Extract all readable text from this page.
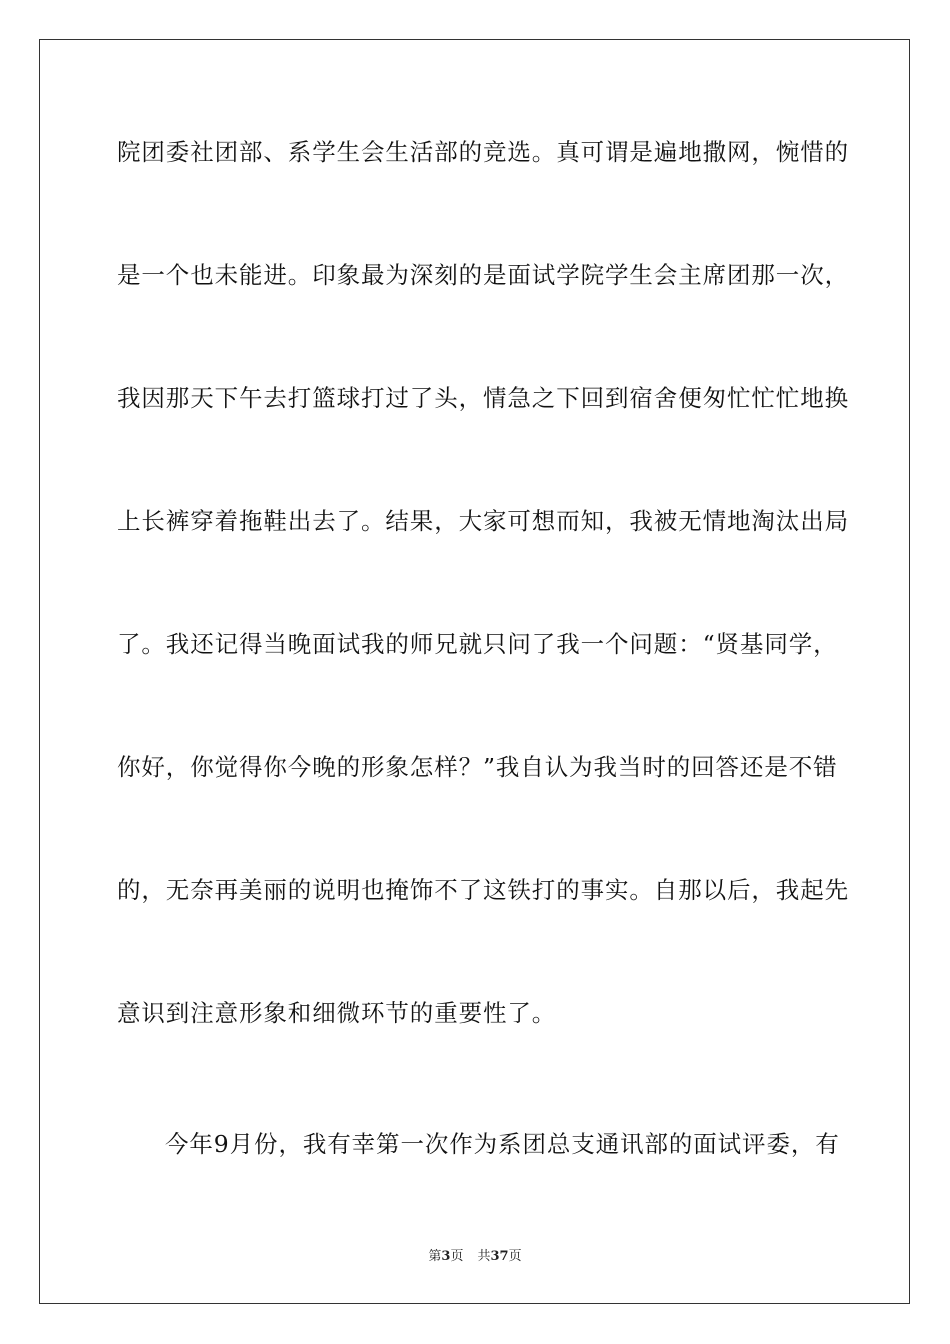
院团委社团部、系学生会生活部的竞选。真可谓是遍地撒网，惋惜的
是一个也未能进。印象最为深刻的是面试学院学生会主席团那一次，
我因那天下午去打篮球打过了头，情急之下回到宿舍便匆忙忙忙地换
上长裤穿着拖鞋出去了。结果，大家可想而知，我被无情地淘汰出局
了。我还记得当晚面试我的师兄就只问了我一个问题：“贤基同学，
你好，你觉得你今晚的形象怎样？”我自认为我当时的回答还是不错
的，无奈再美丽的说明也掩饰不了这铁打的事实。自那以后，我起先
意识到注意形象和细微环节的重要性了。
今年9月份，我有幸第一次作为系团总支通讯部的面试评委，有
第3页 共37页
